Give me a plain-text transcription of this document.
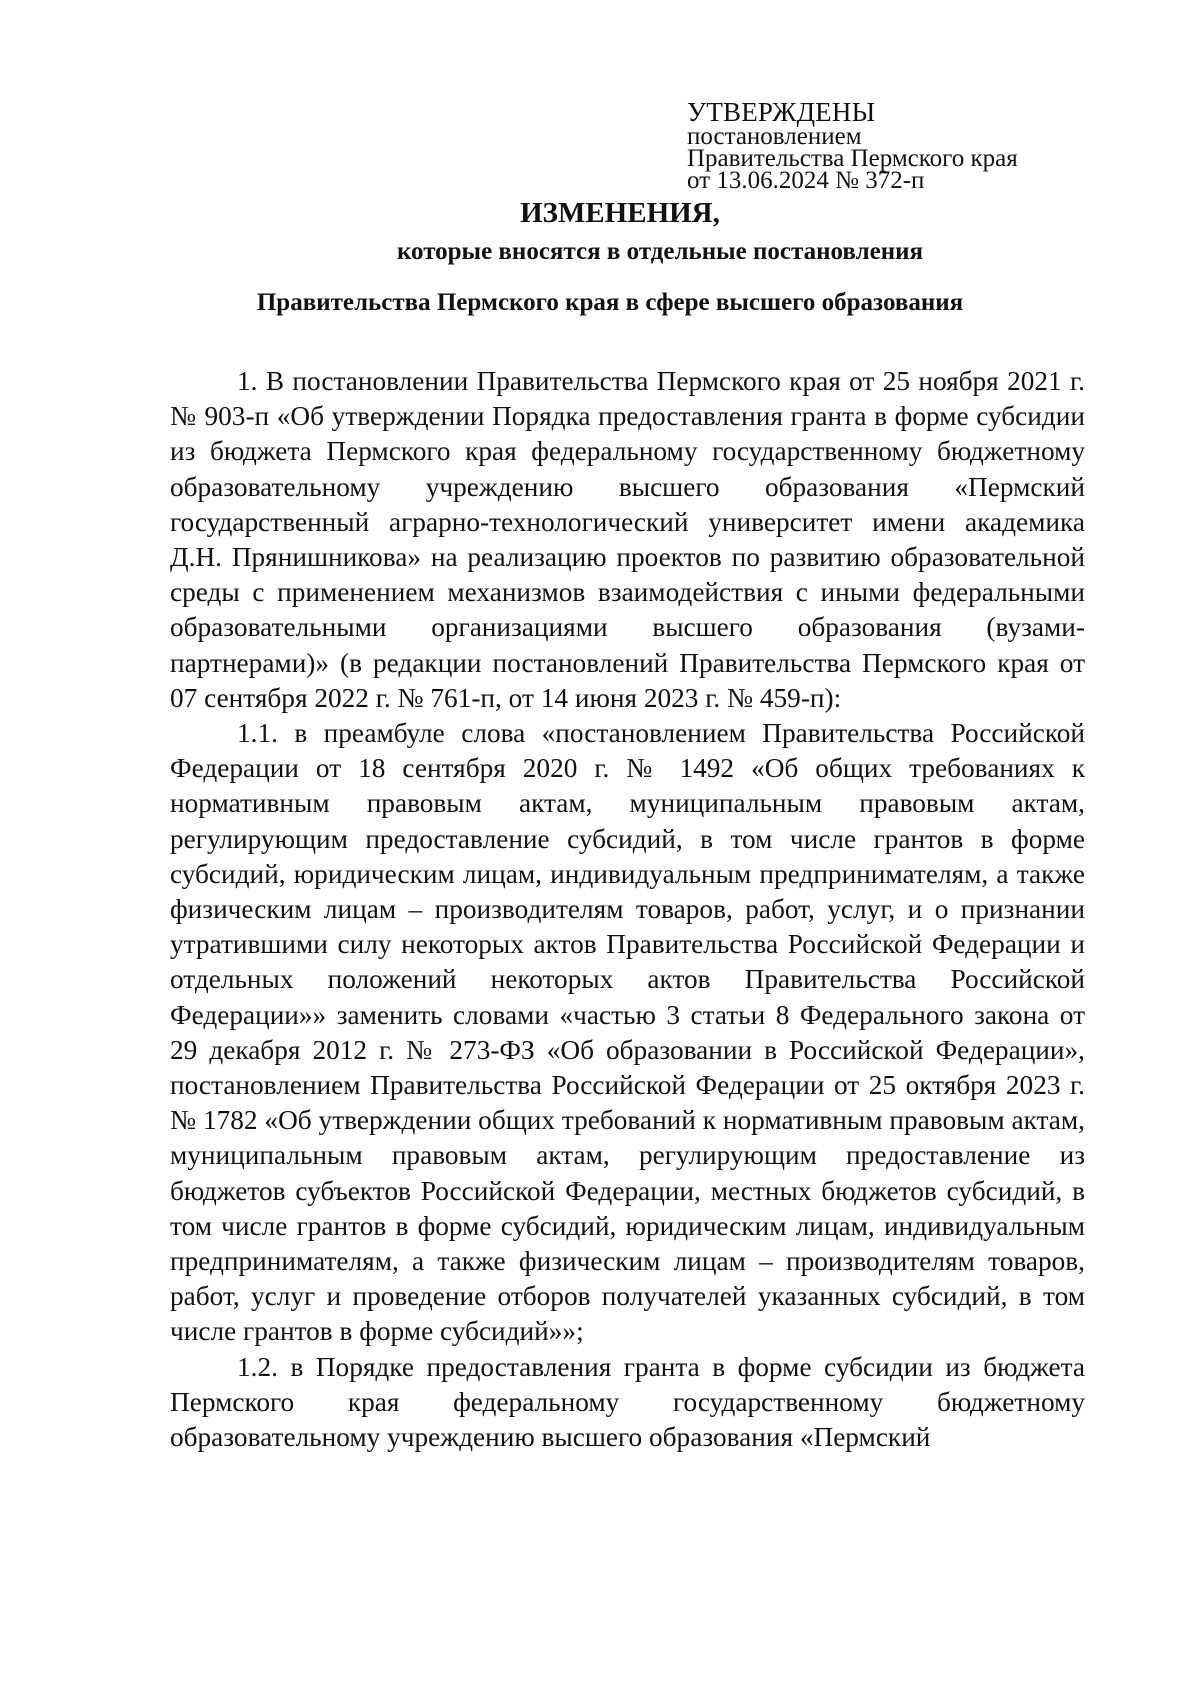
УТВЕРЖДЕНЫ
постановлением
Правительства Пермского края
от 13.06.2024 № 372-п
ИЗМЕНЕНИЯ,
которые вносятся в отдельные постановления
Правительства Пермского края в сфере высшего образования

1. В постановлении Правительства Пермского края от 25 ноября 2021 г. № 903-п «Об утверждении Порядка предоставления гранта в форме субсидии из бюджета Пермского края федеральному государственному бюджетному образовательному учреждению высшего образования «Пермский государственный аграрно-технологический университет имени академика Д.Н. Прянишникова» на реализацию проектов по развитию образовательной среды с применением механизмов взаимодействия с иными федеральными образовательными организациями высшего образования (вузами-партнерами)» (в редакции постановлений Правительства Пермского края от 07 сентября 2022 г. № 761-п, от 14 июня 2023 г. № 459-п):

1.1. в преамбуле слова «постановлением Правительства Российской Федерации от 18 сентября 2020 г. № 1492 «Об общих требованиях к нормативным правовым актам, муниципальным правовым актам, регулирующим предоставление субсидий, в том числе грантов в форме субсидий, юридическим лицам, индивидуальным предпринимателям, а также физическим лицам – производителям товаров, работ, услуг, и о признании утратившими силу некоторых актов Правительства Российской Федерации и отдельных положений некоторых актов Правительства Российской Федерации»» заменить словами «частью 3 статьи 8 Федерального закона от 29 декабря 2012 г. № 273-ФЗ «Об образовании в Российской Федерации», постановлением Правительства Российской Федерации от 25 октября 2023 г. № 1782 «Об утверждении общих требований к нормативным правовым актам, муниципальным правовым актам, регулирующим предоставление из бюджетов субъектов Российской Федерации, местных бюджетов субсидий, в том числе грантов в форме субсидий, юридическим лицам, индивидуальным предпринимателям, а также физическим лицам – производителям товаров, работ, услуг и проведение отборов получателей указанных субсидий, в том числе грантов в форме субсидий»»;

1.2. в Порядке предоставления гранта в форме субсидии из бюджета Пермского края федеральному государственному бюджетному образовательному учреждению высшего образования «Пермский
